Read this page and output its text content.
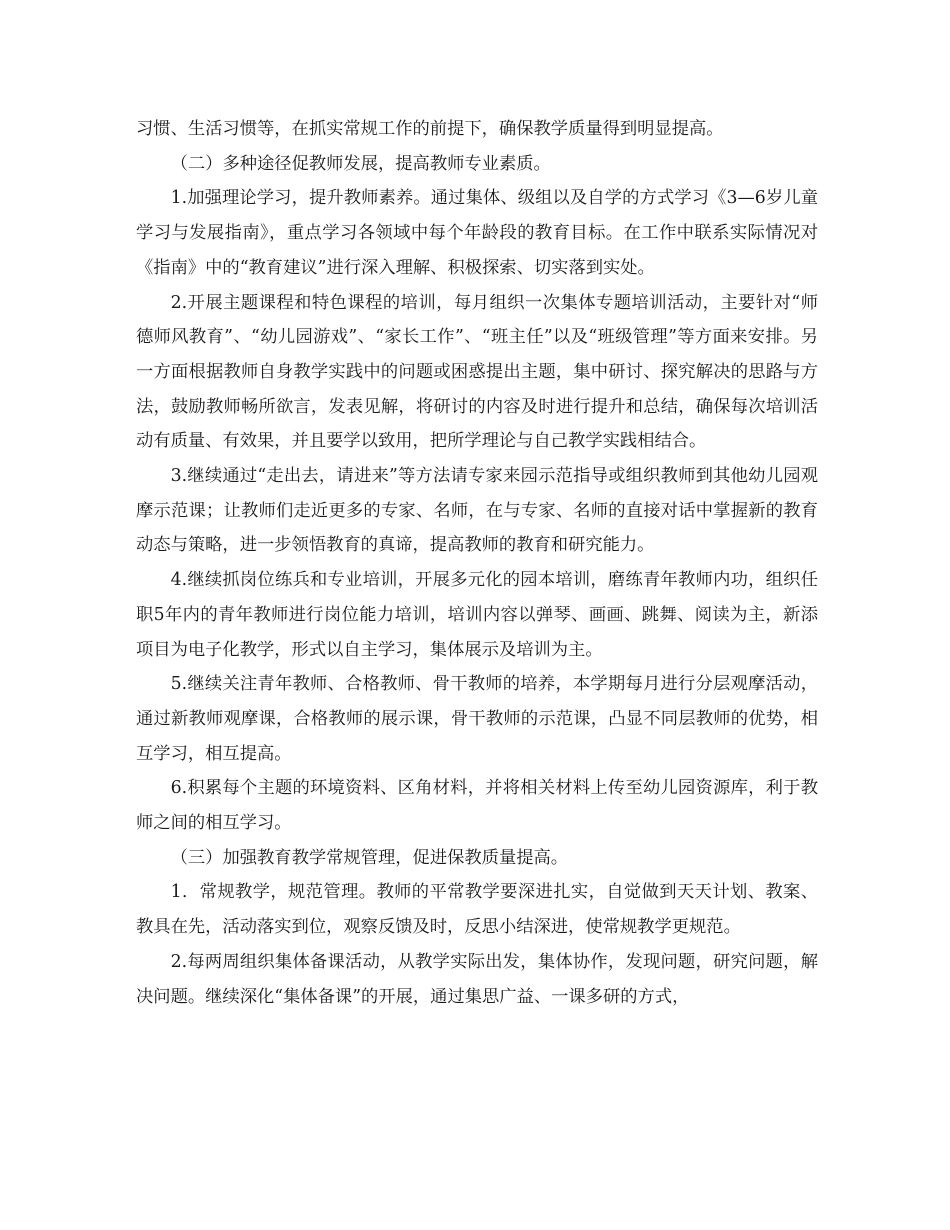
习惯、生活习惯等，在抓实常规工作的前提下，确保教学质量得到明显提高。

（二）多种途径促教师发展，提高教师专业素质。

1.加强理论学习，提升教师素养。通过集体、级组以及自学的方式学习《3—6岁儿童学习与发展指南》，重点学习各领域中每个年龄段的教育目标。在工作中联系实际情况对《指南》中的“教育建议”进行深入理解、积极探索、切实落到实处。

2.开展主题课程和特色课程的培训，每月组织一次集体专题培训活动，主要针对“师德师风教育”、“幼儿园游戏”、“家长工作”、“班主任”以及“班级管理”等方面来安排。另一方面根据教师自身教学实践中的问题或困惑提出主题，集中研讨、探究解决的思路与方法，鼓励教师畅所欲言，发表见解，将研讨的内容及时进行提升和总结，确保每次培训活动有质量、有效果，并且要学以致用，把所学理论与自己教学实践相结合。

3.继续通过“走出去，请进来”等方法请专家来园示范指导或组织教师到其他幼儿园观摩示范课；让教师们走近更多的专家、名师，在与专家、名师的直接对话中掌握新的教育动态与策略，进一步领悟教育的真谛，提高教师的教育和研究能力。

4.继续抓岗位练兵和专业培训，开展多元化的园本培训，磨练青年教师内功，组织任职5年内的青年教师进行岗位能力培训，培训内容以弹琴、画画、跳舞、阅读为主，新添项目为电子化教学，形式以自主学习，集体展示及培训为主。

5.继续关注青年教师、合格教师、骨干教师的培养，本学期每月进行分层观摩活动，通过新教师观摩课，合格教师的展示课，骨干教师的示范课，凸显不同层教师的优势，相互学习，相互提高。

6.积累每个主题的环境资料、区角材料，并将相关材料上传至幼儿园资源库，利于教师之间的相互学习。

（三）加强教育教学常规管理，促进保教质量提高。

1．常规教学，规范管理。教师的平常教学要深进扎实，自觉做到天天计划、教案、教具在先，活动落实到位，观察反馈及时，反思小结深进，使常规教学更规范。

2.每两周组织集体备课活动，从教学实际出发，集体协作，发现问题，研究问题，解决问题。继续深化“集体备课”的开展，通过集思广益、一课多研的方式，
